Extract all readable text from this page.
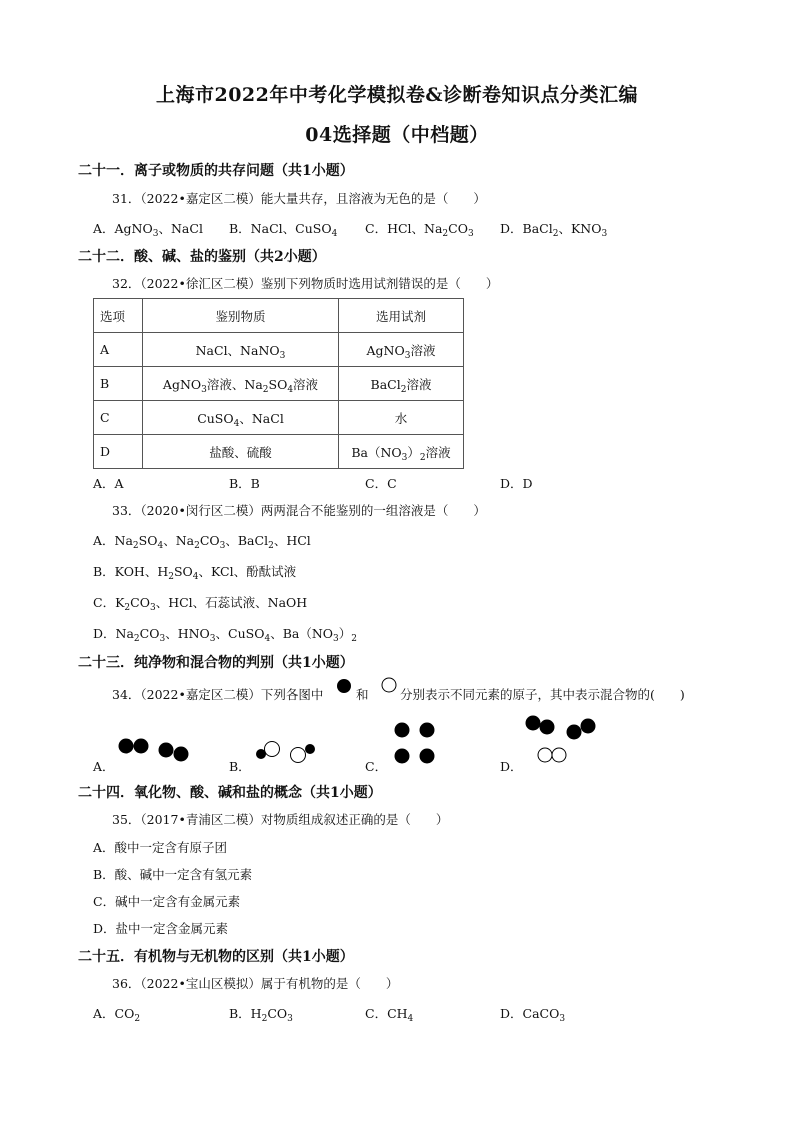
上海市2022年中考化学模拟卷&诊断卷知识点分类汇编
04选择题（中档题）
二十一．离子或物质的共存问题（共1小题）
31．（2022•嘉定区二模）能大量共存，且溶液为无色的是（　　）
A．AgNO$_3$、NaCl B．NaCl、CuSO$_4$ C．HCl、$Na_2CO_3$ D．BaCl$_2$、$KNO_3$
二十二．酸、碱、盐的鉴别（共2小题）
32．（2022•徐汇区二模）鉴别下列物质时选用试剂错误的是（　　）
选项	鉴别物质	选用试剂
A	NaCl、NaNO$_3$	AgNO$_3$溶液
B	AgNO$_3$溶液、$Na_2SO_4$溶液	BaCl$_2$溶液
C	CuSO$_4$、NaCl	水
D	盐酸、硫酸	$Ba(NO_3)_2$溶液
A．A	B．B	C．C	D．D
33．（2020•闵行区二模）两两混合不能鉴别的一组溶液是（　　）
A．$Na_2SO_4$、$Na_2CO_3$、BaCl$_2$、HCl
B．KOH、$H_2SO_4$、KCl、酚酞试液
C．$K_2CO_3$、HCl、石蕊试液、NaOH
D．$Na_2CO_3$、$HNO_3$、CuSO$_4$、$Ba(NO_3)_2$
二十三．纯净物和混合物的判别（共1小题）
34．（2022•嘉定区二模）下列各图中	和	分别表示不同元素的原子，其中表示混合物的(　　)
A．	B．	C．	D．
二十四．氧化物、酸、碱和盐的概念（共1小题）
35．（2017•青浦区二模）对物质组成叙述正确的是（　　）
A．酸中一定含有原子团
B．酸、碱中一定含有氢元素
C．碱中一定含有金属元素
D．盐中一定含金属元素
二十五．有机物与无机物的区别（共1小题）
36．（2022•宝山区模拟）属于有机物的是（　　）
A．$CO_2$	B．$H_2CO_3$	C．$CH_4$	D．CaCO$_3$
